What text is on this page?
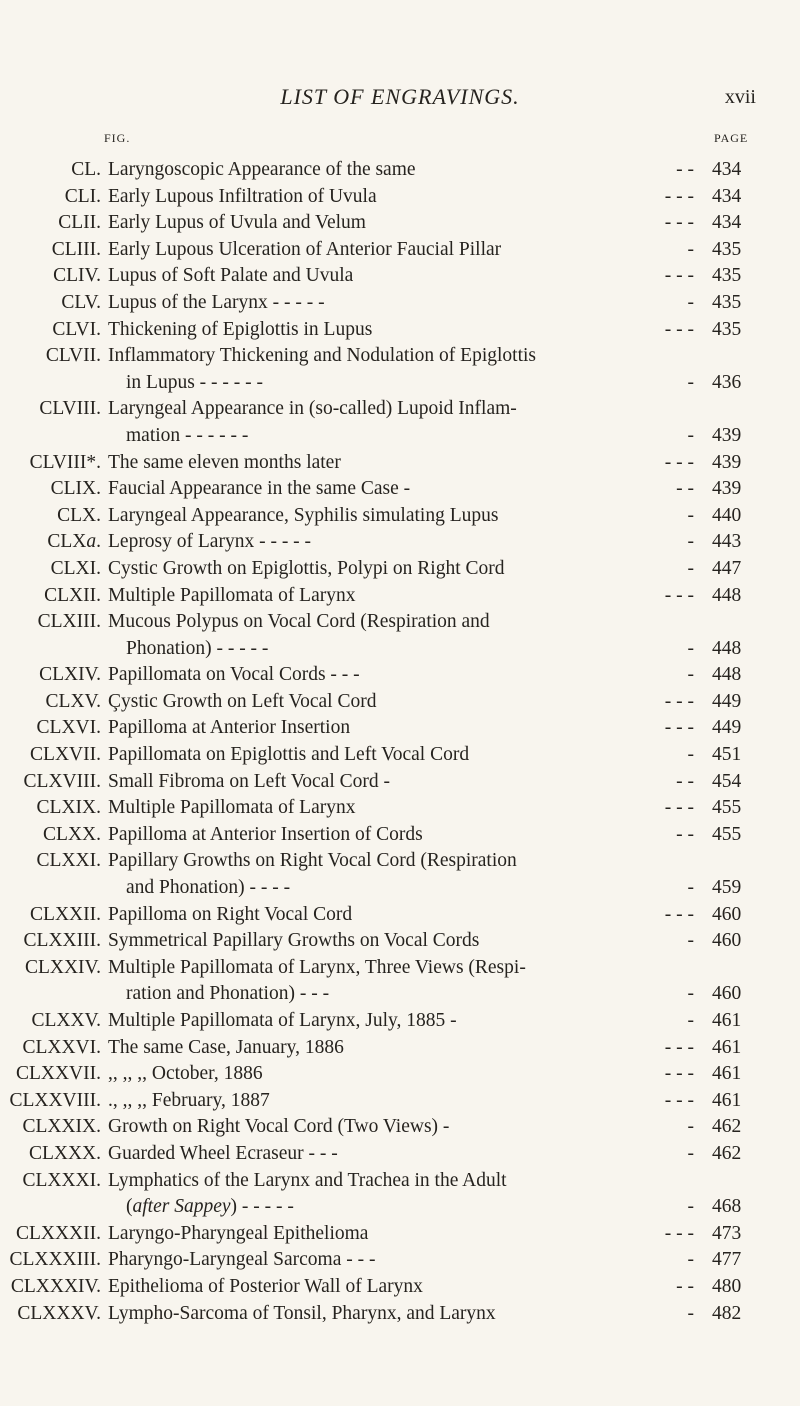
LIST OF ENGRAVINGS.	xvii
FIG.	PAGE
CL. Laryngoscopic Appearance of the same	- - 434
CLI. Early Lupous Infiltration of Uvula	- - - 434
CLII. Early Lupus of Uvula and Velum	- - - 434
CLIII. Early Lupous Ulceration of Anterior Faucial Pillar	- 435
CLIV. Lupus of Soft Palate and Uvula	- - - 435
CLV. Lupus of the Larynx - - - - -	- 435
CLVI. Thickening of Epiglottis in Lupus	- - - 435
CLVII. Inflammatory Thickening and Nodulation of Epiglottis
in Lupus - - - - - -	- 436
CLVIII. Laryngeal Appearance in (so-called) Lupoid Inflam-
mation - - - - - -	- 439
CLVIII*. The same eleven months later	- - - 439
CLIX. Faucial Appearance in the same Case -	- - 439
CLX. Laryngeal Appearance, Syphilis simulating Lupus	- 440
CLXa. Leprosy of Larynx - - - - -	- 443
CLXI. Cystic Growth on Epiglottis, Polypi on Right Cord	- 447
CLXII. Multiple Papillomata of Larynx	- - - 448
CLXIII. Mucous Polypus on Vocal Cord (Respiration and
Phonation) - - - - -	- 448
CLXIV. Papillomata on Vocal Cords - - -	- 448
CLXV. Çystic Growth on Left Vocal Cord	- - - 449
CLXVI. Papilloma at Anterior Insertion	- - - 449
CLXVII. Papillomata on Epiglottis and Left Vocal Cord	- 451
CLXVIII. Small Fibroma on Left Vocal Cord -	- - 454
CLXIX. Multiple Papillomata of Larynx	- - - 455
CLXX. Papilloma at Anterior Insertion of Cords	- - 455
CLXXI. Papillary Growths on Right Vocal Cord (Respiration
and Phonation) - - - -	- 459
CLXXII. Papilloma on Right Vocal Cord	- - - 460
CLXXIII. Symmetrical Papillary Growths on Vocal Cords	- 460
CLXXIV. Multiple Papillomata of Larynx, Three Views (Respi-
ration and Phonation) - - -	- 460
CLXXV. Multiple Papillomata of Larynx, July, 1885 -	- 461
CLXXVI. The same Case, January, 1886	- - - 461
CLXXVII. ,, ,, ,, October, 1886	- - - 461
CLXXVIII. ., ,, ,, February, 1887	- - - 461
CLXXIX. Growth on Right Vocal Cord (Two Views) -	- 462
CLXXX. Guarded Wheel Ecraseur - - -	- 462
CLXXXI. Lymphatics of the Larynx and Trachea in the Adult
(after Sappey) - - - - -	- 468
CLXXXII. Laryngo-Pharyngeal Epithelioma	- - - 473
CLXXXIII. Pharyngo-Laryngeal Sarcoma - - -	- 477
CLXXXIV. Epithelioma of Posterior Wall of Larynx	- - 480
CLXXXV. Lympho-Sarcoma of Tonsil, Pharynx, and Larynx	- 482
